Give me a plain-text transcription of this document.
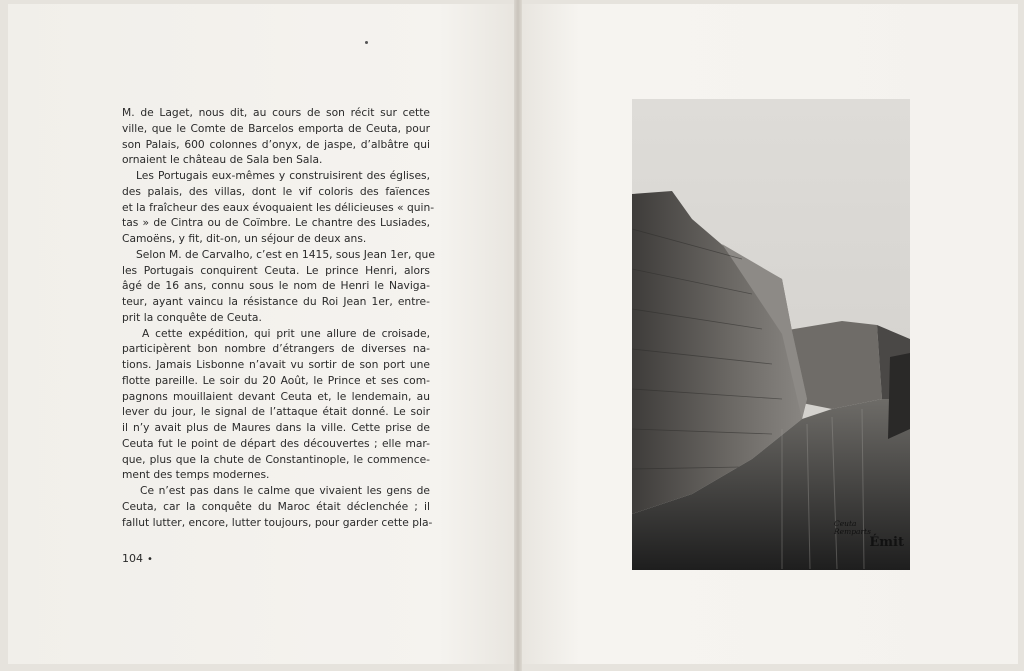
M. de Laget, nous dit, au cours de son récit sur cette
ville, que le Comte de Barcelos emporta de Ceuta, pour
son Palais, 600 colonnes d’onyx, de jaspe, d’albâtre qui
ornaient le château de Sala ben Sala.

Les Portugais eux-mêmes y construisirent des églises,
des palais, des villas, dont le vif coloris des faïences
et la fraîcheur des eaux évoquaient les délicieuses « quin-
tas » de Cintra ou de Coïmbre. Le chantre des Lusiades,
Camoëns, y fit, dit-on, un séjour de deux ans.

Selon M. de Carvalho, c’est en 1415, sous Jean 1er, que
les Portugais conquirent Ceuta. Le prince Henri, alors
âgé de 16 ans, connu sous le nom de Henri le Naviga-
teur, ayant vaincu la résistance du Roi Jean 1er, entre-
prit la conquête de Ceuta.

A cette expédition, qui prit une allure de croisade,
participèrent bon nombre d’étrangers de diverses na-
tions. Jamais Lisbonne n’avait vu sortir de son port une
flotte pareille. Le soir du 20 Août, le Prince et ses com-
pagnons mouillaient devant Ceuta et, le lendemain, au
lever du jour, le signal de l’attaque était donné. Le soir
il n’y avait plus de Maures dans la ville. Cette prise de
Ceuta fut le point de départ des découvertes ; elle mar-
que, plus que la chute de Constantinople, le commence-
ment des temps modernes.

Ce n’est pas dans le calme que vivaient les gens de
Ceuta, car la conquête du Maroc était déclenchée ; il
fallut lutter, encore, lutter toujours, pour garder cette pla-

104 •
Ceuta
Remparts
Émit
